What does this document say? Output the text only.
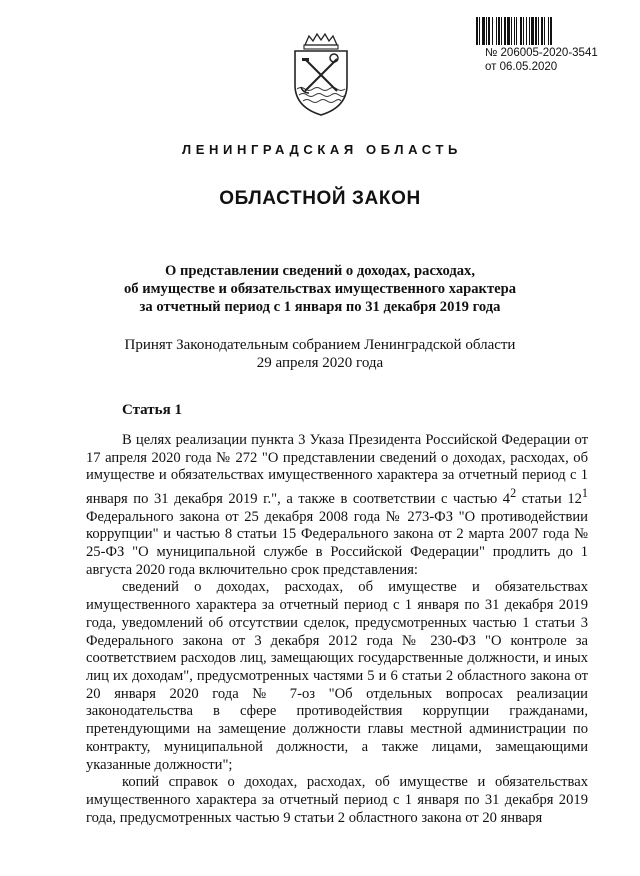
№ 206005-2020-3541
от 06.05.2020
ЛЕНИНГРАДСКАЯ ОБЛАСТЬ
ОБЛАСТНОЙ ЗАКОН
О представлении сведений о доходах, расходах,
об имуществе и обязательствах имущественного характера
за отчетный период с 1 января по 31 декабря 2019 года
Принят Законодательным собранием Ленинградской области
29 апреля 2020 года
Статья 1

В целях реализации пункта 3 Указа Президента Российской Федерации от 17 апреля 2020 года № 272 "О представлении сведений о доходах, расходах, об имуществе и обязательствах имущественного характера за отчетный период с 1 января по 31 декабря 2019 г.", а также в соответствии с частью $4^2$ статьи $12^1$ Федерального закона от 25 декабря 2008 года № 273-ФЗ "О противодействии коррупции" и частью 8 статьи 15 Федерального закона от 2 марта 2007 года № 25-ФЗ "О муниципальной службе в Российской Федерации" продлить до 1 августа 2020 года включительно срок представления:

сведений о доходах, расходах, об имуществе и обязательствах имущественного характера за отчетный период с 1 января по 31 декабря 2019 года, уведомлений об отсутствии сделок, предусмотренных частью 1 статьи 3 Федерального закона от 3 декабря 2012 года № 230-ФЗ "О контроле за соответствием расходов лиц, замещающих государственные должности, и иных лиц их доходам", предусмотренных частями 5 и 6 статьи 2 областного закона от 20 января 2020 года № 7-оз "Об отдельных вопросах реализации законодательства в сфере противодействия коррупции гражданами, претендующими на замещение должности главы местной администрации по контракту, муниципальной должности, а также лицами, замещающими указанные должности";

копий справок о доходах, расходах, об имуществе и обязательствах имущественного характера за отчетный период с 1 января по 31 декабря 2019 года, предусмотренных частью 9 статьи 2 областного закона от 20 января
